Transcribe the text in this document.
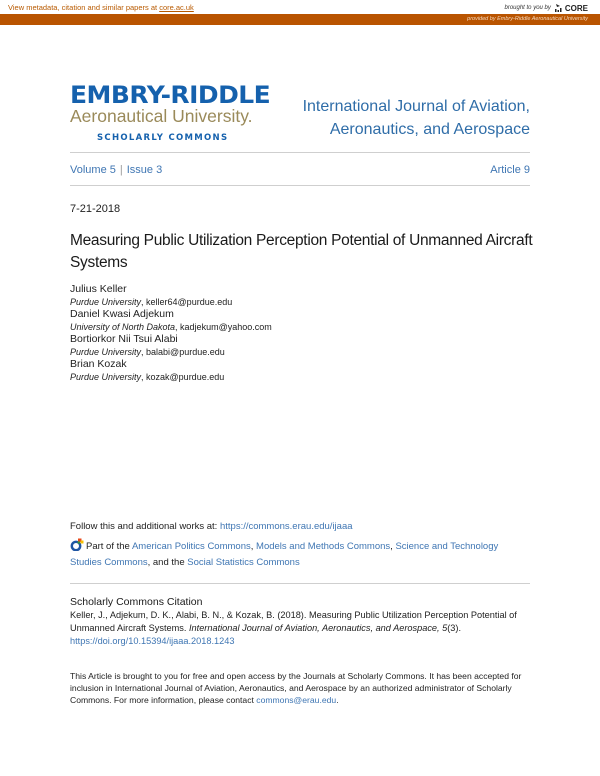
View metadata, citation and similar papers at core.ac.uk	brought to you by CORE
provided by Embry-Riddle Aeronautical University
EMBRY-RIDDLE
Aeronautical University.
SCHOLARLY COMMONS
International Journal of Aviation,
Aeronautics, and Aerospace
Volume 5 | Issue 3	Article 9
7-21-2018
Measuring Public Utilization Perception Potential of Unmanned Aircraft Systems
Julius Keller
Purdue University, keller64@purdue.edu
Daniel Kwasi Adjekum
University of North Dakota, kadjekum@yahoo.com
Bortiorkor Nii Tsui Alabi
Purdue University, balabi@purdue.edu
Brian Kozak
Purdue University, kozak@purdue.edu
Follow this and additional works at: https://commons.erau.edu/ijaaa
Part of the American Politics Commons, Models and Methods Commons, Science and Technology Studies Commons, and the Social Statistics Commons
Scholarly Commons Citation
Keller, J., Adjekum, D. K., Alabi, B. N., & Kozak, B. (2018). Measuring Public Utilization Perception Potential of Unmanned Aircraft Systems. International Journal of Aviation, Aeronautics, and Aerospace, 5(3).
https://doi.org/10.15394/ijaaa.2018.1243
This Article is brought to you for free and open access by the Journals at Scholarly Commons. It has been accepted for inclusion in International Journal of Aviation, Aeronautics, and Aerospace by an authorized administrator of Scholarly Commons. For more information, please contact commons@erau.edu.
